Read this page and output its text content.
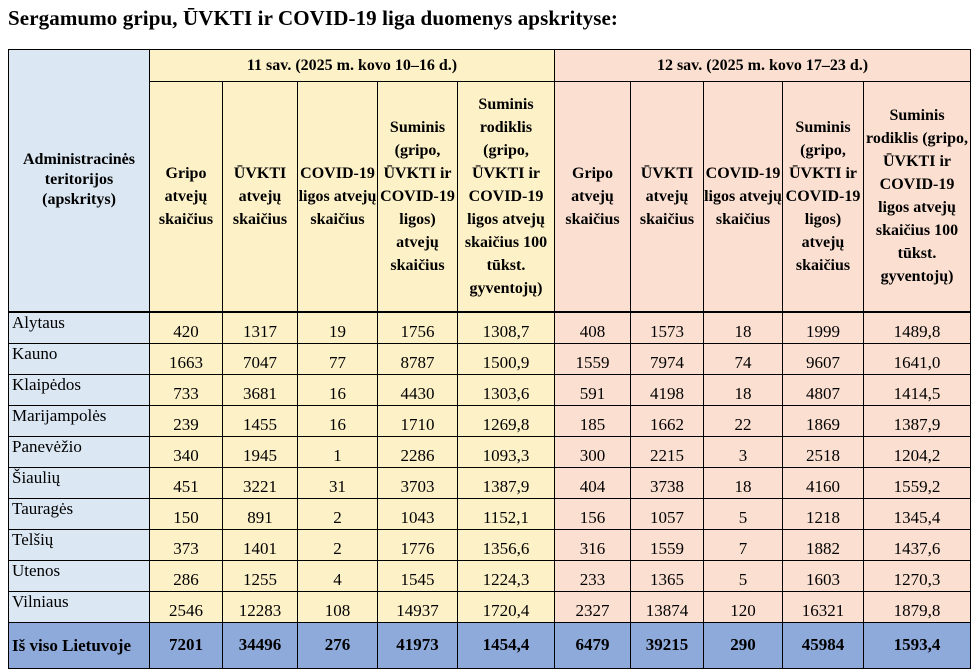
Sergamumo gripu, ŪVKTI ir COVID-19 liga duomenys apskrityse:
Administracinės teritorijos (apskritys)	11 sav. (2025 m. kovo 10–16 d.)					12 sav. (2025 m. kovo 17–23 d.)				
	Gripo atvejų skaičius	ŪVKTI atvejų skaičius	COVID-19 ligos atvejų skaičius	Suminis (gripo, ŪVKTI ir COVID-19 ligos) atvejų skaičius	Suminis rodiklis (gripo, ŪVKTI ir COVID-19 ligos atvejų skaičius 100 tūkst. gyventojų)	Gripo atvejų skaičius	ŪVKTI atvejų skaičius	COVID-19 ligos atvejų skaičius	Suminis (gripo, ŪVKTI ir COVID-19 ligos) atvejų skaičius	Suminis rodiklis (gripo, ŪVKTI ir COVID-19 ligos atvejų skaičius 100 tūkst. gyventojų)
Alytaus	420	1317	19	1756	1308,7	408	1573	18	1999	1489,8
Kauno	1663	7047	77	8787	1500,9	1559	7974	74	9607	1641,0
Klaipėdos	733	3681	16	4430	1303,6	591	4198	18	4807	1414,5
Marijampolės	239	1455	16	1710	1269,8	185	1662	22	1869	1387,9
Panevėžio	340	1945	1	2286	1093,3	300	2215	3	2518	1204,2
Šiaulių	451	3221	31	3703	1387,9	404	3738	18	4160	1559,2
Tauragės	150	891	2	1043	1152,1	156	1057	5	1218	1345,4
Telšių	373	1401	2	1776	1356,6	316	1559	7	1882	1437,6
Utenos	286	1255	4	1545	1224,3	233	1365	5	1603	1270,3
Vilniaus	2546	12283	108	14937	1720,4	2327	13874	120	16321	1879,8
Iš viso Lietuvoje	7201	34496	276	41973	1454,4	6479	39215	290	45984	1593,4
